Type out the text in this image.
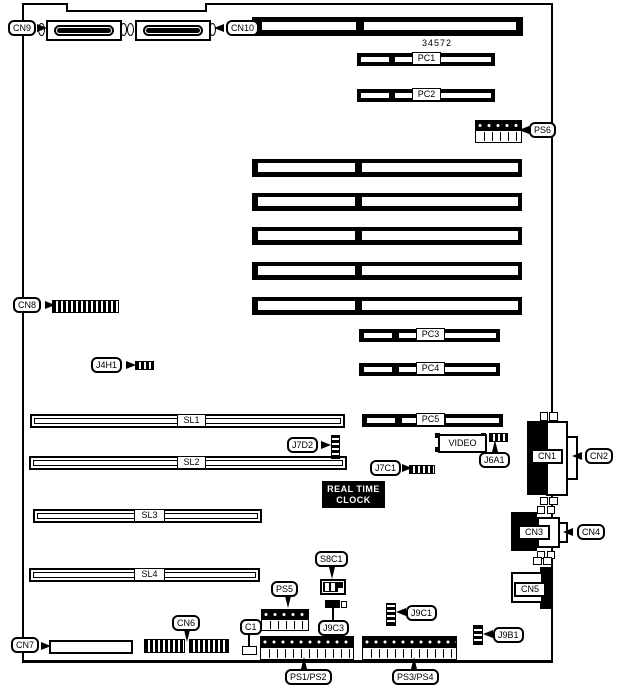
CN9	CN10
34572
PC1
PC2
PS6
CN8
J4H1
PC3
PC4
PC5
SL1
SL2
SL3
SL4
J7D2
J7C1
VIDEO
J6A1
REAL TIME
CLOCK
CN1	CN2
CN3	CN4
CN5
S8C1
PS5
J9C3
J9C1
CN6	C1
CN7
PS1/PS2	PS3/PS4
J9B1
